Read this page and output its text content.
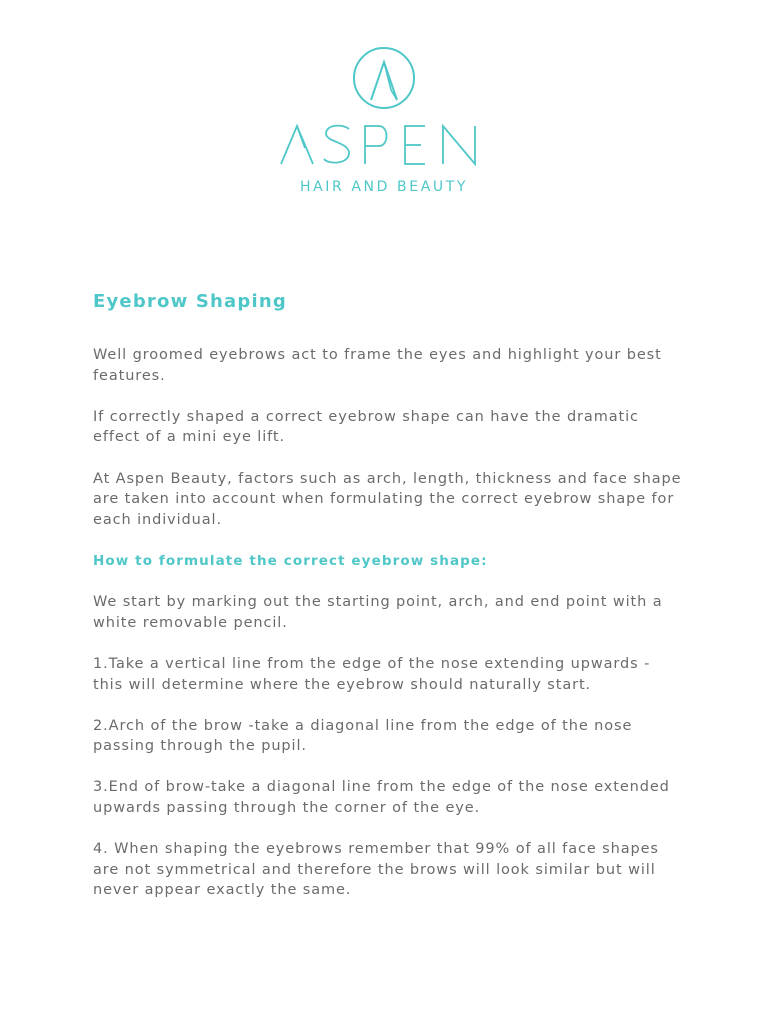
HAIR AND BEAUTY
Eyebrow Shaping

Well groomed eyebrows act to frame the eyes and highlight your best features.

If correctly shaped a correct eyebrow shape can have the dramatic effect of a mini eye lift.

At Aspen Beauty, factors such as arch, length, thickness and face shape are taken into account when formulating the correct eyebrow shape for each individual.

How to formulate the correct eyebrow shape:

We start by marking out the starting point, arch, and end point with a white removable pencil.

1.Take a vertical line from the edge of the nose extending upwards - this will determine where the eyebrow should naturally start.

2.Arch of the brow -take a diagonal line from the edge of the nose passing through the pupil.

3.End of brow-take a diagonal line from the edge of the nose extended upwards passing through the corner of the eye.

4. When shaping the eyebrows remember that 99% of all face shapes are not symmetrical and therefore the brows will look similar but will never appear exactly the same.
